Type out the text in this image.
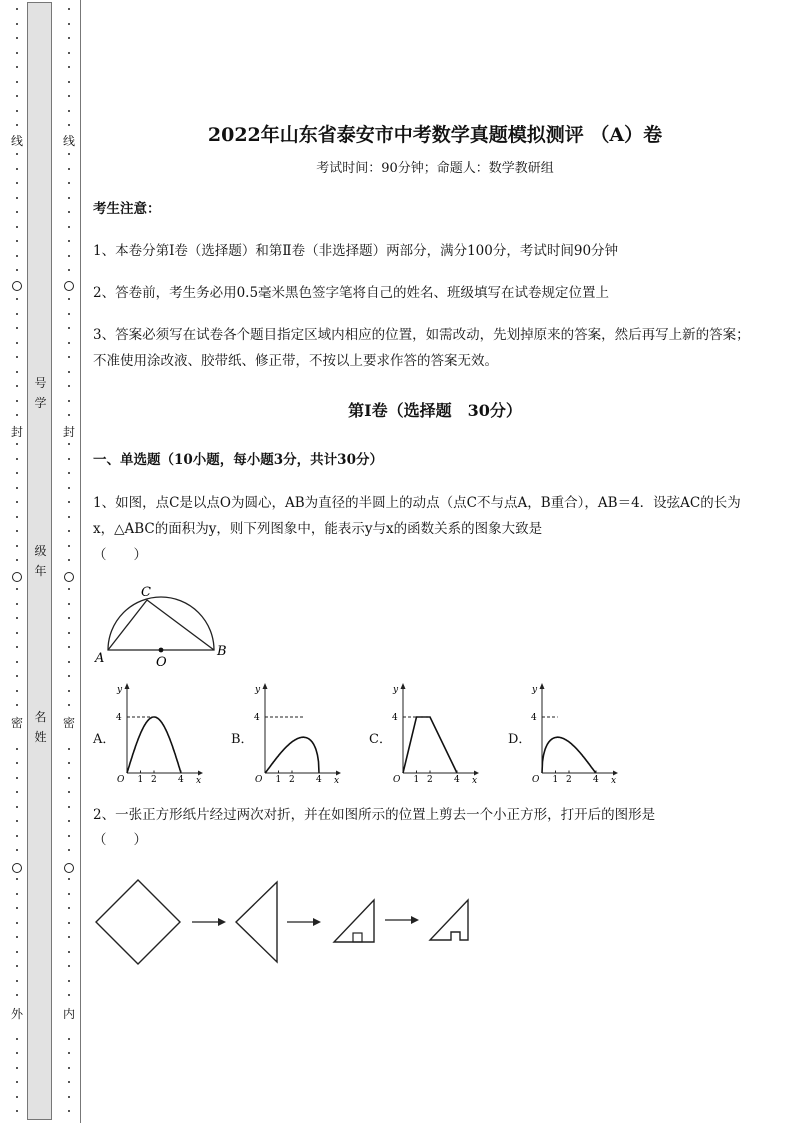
线
封
密
外
线
封
密
内
号
学
级
年
名
姓
2022年山东省泰安市中考数学真题模拟测评 （A）卷
考试时间：90分钟；命题人：数学教研组
考生注意：
1、本卷分第I卷（选择题）和第Ⅱ卷（非选择题）两部分，满分100分，考试时间90分钟
2、答卷前，考生务必用0.5毫米黑色签字笔将自己的姓名、班级填写在试卷规定位置上
3、答案必须写在试卷各个题目指定区域内相应的位置，如需改动，先划掉原来的答案，然后再写上新的答案；不准使用涂改液、胶带纸、修正带，不按以上要求作答的答案无效。
第Ⅰ卷（选择题　30分）
一、单选题（10小题，每小题3分，共计30分）
1、如图，点C是以点O为圆心，AB为直径的半圆上的动点（点C不与点A，B重合），AB＝4．设弦AC的长为x，△ABC的面积为y，则下列图象中，能表示y与x的函数关系的图象大致是
（　　）
A	B
C
O
A．	B．	C．	D．
y
x
O 1 2 4
4
y
x
O 1 2 4
4
y
x
O 1 2 4
4
y
x
O 1 2 4
4
2、一张正方形纸片经过两次对折，并在如图所示的位置上剪去一个小正方形，打开后的图形是
（　　）
